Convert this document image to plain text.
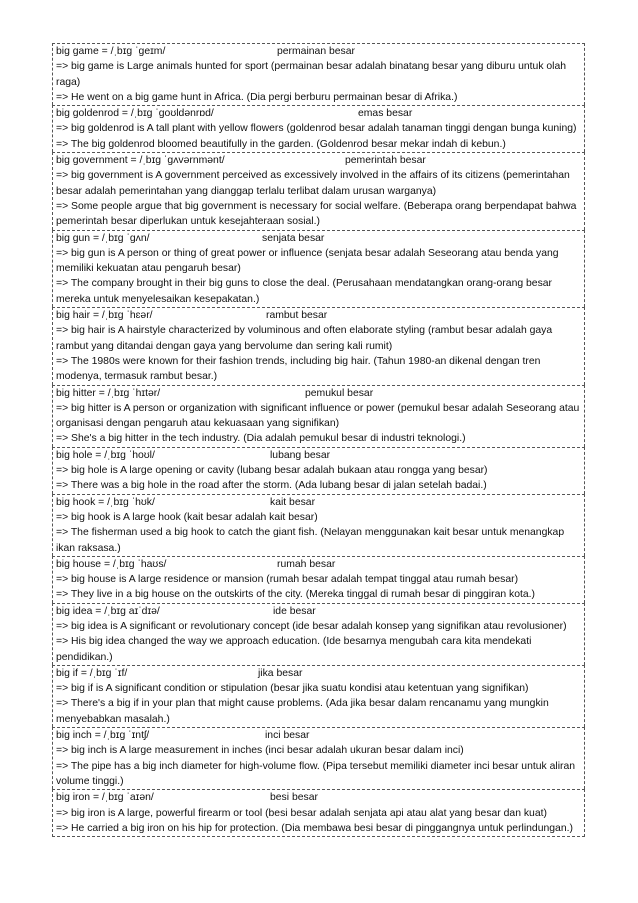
big game = /ˌbɪɡ ˈɡeɪm/	permainan besar
=> big game is Large animals hunted for sport (permainan besar adalah binatang besar yang diburu untuk olah raga)
=> He went on a big game hunt in Africa. (Dia pergi berburu permainan besar di Afrika.)
big goldenrod = /ˌbɪɡ ˈɡoʊldənrɒd/	emas besar
=> big goldenrod is A tall plant with yellow flowers (goldenrod besar adalah tanaman tinggi dengan bunga kuning)
=> The big goldenrod bloomed beautifully in the garden. (Goldenrod besar mekar indah di kebun.)
big government = /ˌbɪɡ ˈɡʌvərnmənt/	pemerintah besar
=> big government is A government perceived as excessively involved in the affairs of its citizens (pemerintahan besar adalah pemerintahan yang dianggap terlalu terlibat dalam urusan warganya)
=> Some people argue that big government is necessary for social welfare. (Beberapa orang berpendapat bahwa pemerintah besar diperlukan untuk kesejahteraan sosial.)
big gun = /ˌbɪɡ ˈɡʌn/	senjata besar
=> big gun is A person or thing of great power or influence (senjata besar adalah Seseorang atau benda yang memiliki kekuatan atau pengaruh besar)
=> The company brought in their big guns to close the deal. (Perusahaan mendatangkan orang-orang besar mereka untuk menyelesaikan kesepakatan.)
big hair = /ˌbɪɡ ˈhɛər/	rambut besar
=> big hair is A hairstyle characterized by voluminous and often elaborate styling (rambut besar adalah gaya rambut yang ditandai dengan gaya yang bervolume dan sering kali rumit)
=> The 1980s were known for their fashion trends, including big hair. (Tahun 1980-an dikenal dengan tren modenya, termasuk rambut besar.)
big hitter = /ˌbɪɡ ˈhɪtər/	pemukul besar
=> big hitter is A person or organization with significant influence or power (pemukul besar adalah Seseorang atau organisasi dengan pengaruh atau kekuasaan yang signifikan)
=> She's a big hitter in the tech industry. (Dia adalah pemukul besar di industri teknologi.)
big hole = /ˌbɪɡ ˈhoʊl/	lubang besar
=> big hole is A large opening or cavity (lubang besar adalah bukaan atau rongga yang besar)
=> There was a big hole in the road after the storm. (Ada lubang besar di jalan setelah badai.)
big hook = /ˌbɪɡ ˈhʊk/	kait besar
=> big hook is A large hook (kait besar adalah kait besar)
=> The fisherman used a big hook to catch the giant fish. (Nelayan menggunakan kait besar untuk menangkap ikan raksasa.)
big house = /ˌbɪɡ ˈhaʊs/	rumah besar
=> big house is A large residence or mansion (rumah besar adalah tempat tinggal atau rumah besar)
=> They live in a big house on the outskirts of the city. (Mereka tinggal di rumah besar di pinggiran kota.)
big idea = /ˌbɪɡ aɪˈdɪə/	ide besar
=> big idea is A significant or revolutionary concept (ide besar adalah konsep yang signifikan atau revolusioner)
=> His big idea changed the way we approach education. (Ide besarnya mengubah cara kita mendekati pendidikan.)
big if = /ˌbɪɡ ˈɪf/	jika besar
=> big if is A significant condition or stipulation (besar jika suatu kondisi atau ketentuan yang signifikan)
=> There's a big if in your plan that might cause problems. (Ada jika besar dalam rencanamu yang mungkin menyebabkan masalah.)
big inch = /ˌbɪɡ ˈɪntʃ/	inci besar
=> big inch is A large measurement in inches (inci besar adalah ukuran besar dalam inci)
=> The pipe has a big inch diameter for high-volume flow. (Pipa tersebut memiliki diameter inci besar untuk aliran volume tinggi.)
big iron = /ˌbɪɡ ˈaɪən/	besi besar
=> big iron is A large, powerful firearm or tool (besi besar adalah senjata api atau alat yang besar dan kuat)
=> He carried a big iron on his hip for protection. (Dia membawa besi besar di pinggangnya untuk perlindungan.)
